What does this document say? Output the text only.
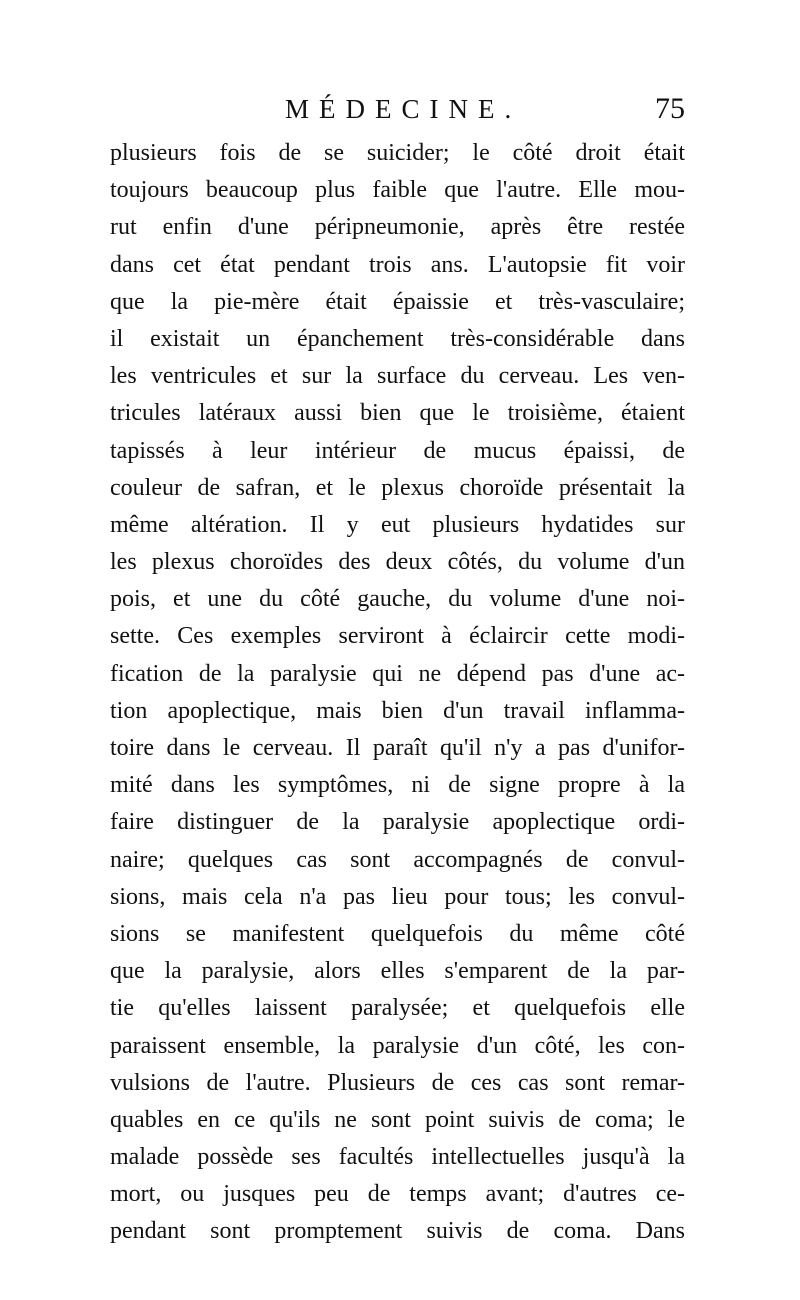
MÉDECINE.	75
plusieurs fois de se suicider; le côté droit était
toujours beaucoup plus faible que l'autre. Elle mou-
rut enfin d'une péripneumonie, après être restée
dans cet état pendant trois ans. L'autopsie fit voir
que la pie-mère était épaissie et très-vasculaire;
il existait un épanchement très-considérable dans
les ventricules et sur la surface du cerveau. Les ven-
tricules latéraux aussi bien que le troisième, étaient
tapissés à leur intérieur de mucus épaissi, de
couleur de safran, et le plexus choroïde présentait la
même altération. Il y eut plusieurs hydatides sur
les plexus choroïdes des deux côtés, du volume d'un
pois, et une du côté gauche, du volume d'une noi-
sette. Ces exemples serviront à éclaircir cette modi-
fication de la paralysie qui ne dépend pas d'une ac-
tion apoplectique, mais bien d'un travail inflamma-
toire dans le cerveau. Il paraît qu'il n'y a pas d'unifor-
mité dans les symptômes, ni de signe propre à la
faire distinguer de la paralysie apoplectique ordi-
naire; quelques cas sont accompagnés de convul-
sions, mais cela n'a pas lieu pour tous; les convul-
sions se manifestent quelquefois du même côté
que la paralysie, alors elles s'emparent de la par-
tie qu'elles laissent paralysée; et quelquefois elle
paraissent ensemble, la paralysie d'un côté, les con-
vulsions de l'autre. Plusieurs de ces cas sont remar-
quables en ce qu'ils ne sont point suivis de coma; le
malade possède ses facultés intellectuelles jusqu'à la
mort, ou jusques peu de temps avant; d'autres ce-
pendant sont promptement suivis de coma. Dans
